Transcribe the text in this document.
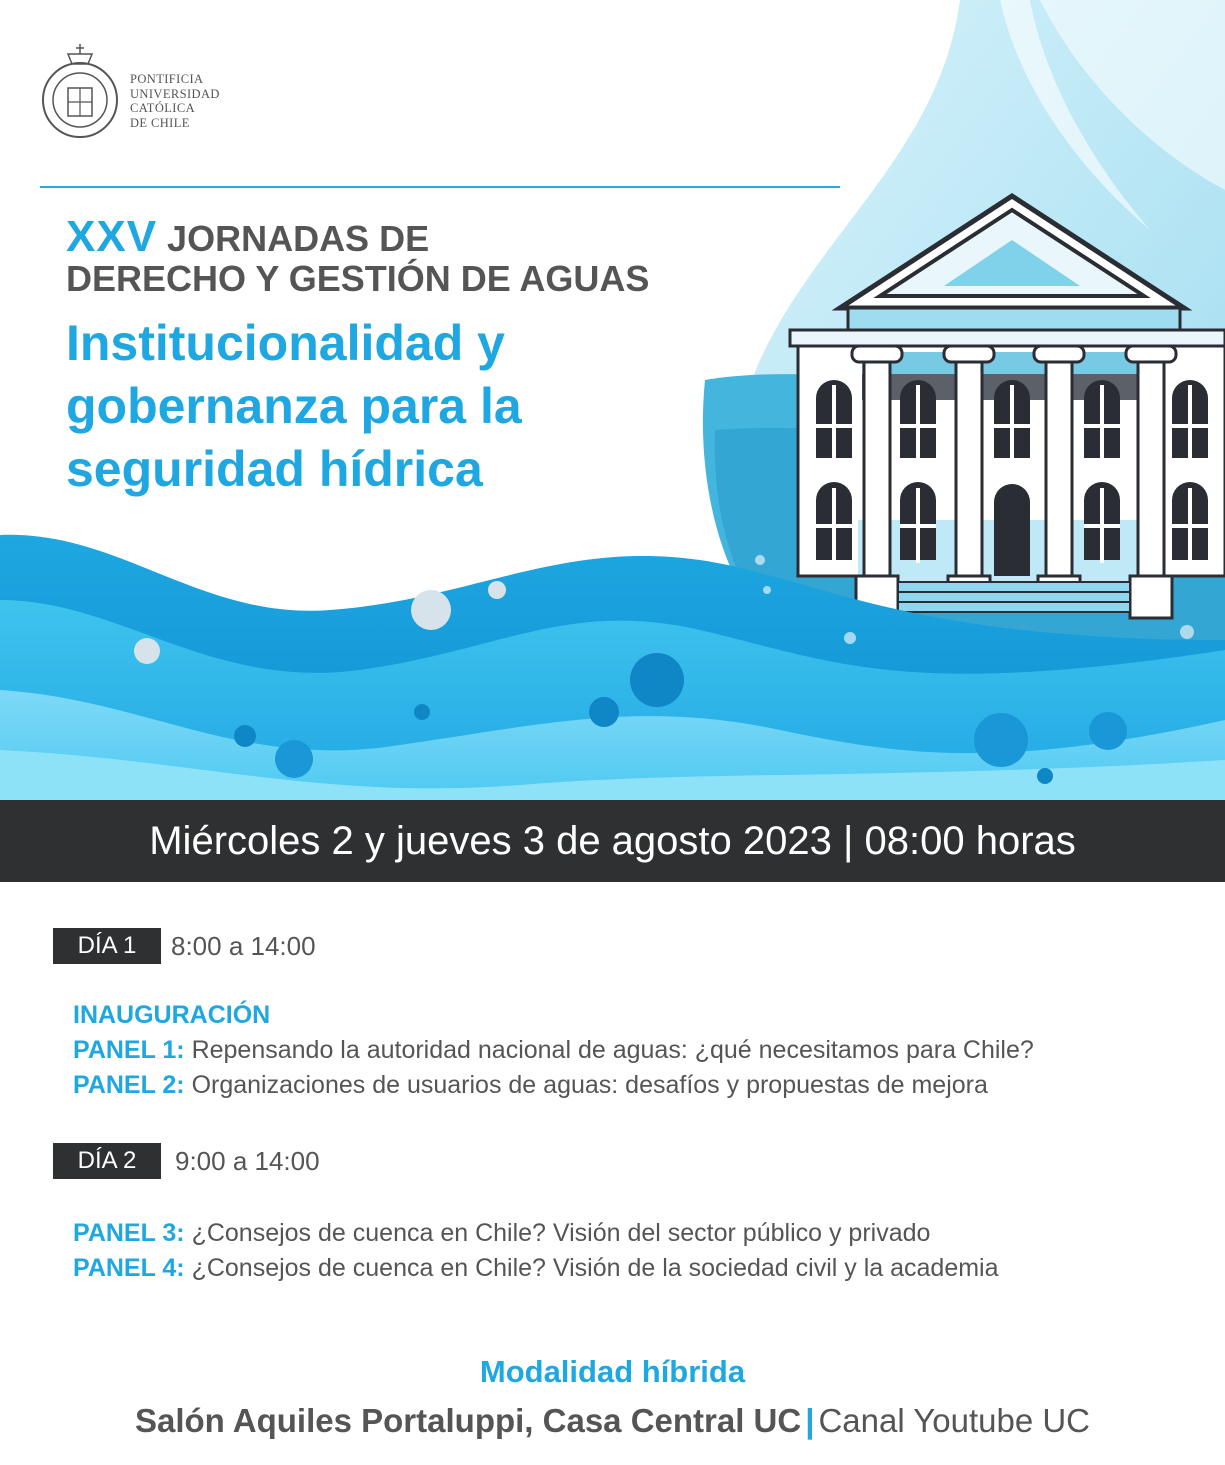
PONTIFICIA
UNIVERSIDAD
CATÓLICA
DE CHILE
XXV JORNADAS DE
DERECHO Y GESTIÓN DE AGUAS
Institucionalidad y
gobernanza para la
seguridad hídrica
Miércoles 2 y jueves 3 de agosto 2023 | 08:00 horas
DÍA 1	8:00 a 14:00
INAUGURACIÓN
PANEL 1: Repensando la autoridad nacional de aguas: ¿qué necesitamos para Chile?
PANEL 2: Organizaciones de usuarios de aguas: desafíos y propuestas de mejora
DÍA 2	9:00 a 14:00
PANEL 3: ¿Consejos de cuenca en Chile? Visión del sector público y privado
PANEL 4: ¿Consejos de cuenca en Chile? Visión de la sociedad civil y la academia
Modalidad híbrida
Salón Aquiles Portaluppi, Casa Central UC | Canal Youtube UC
